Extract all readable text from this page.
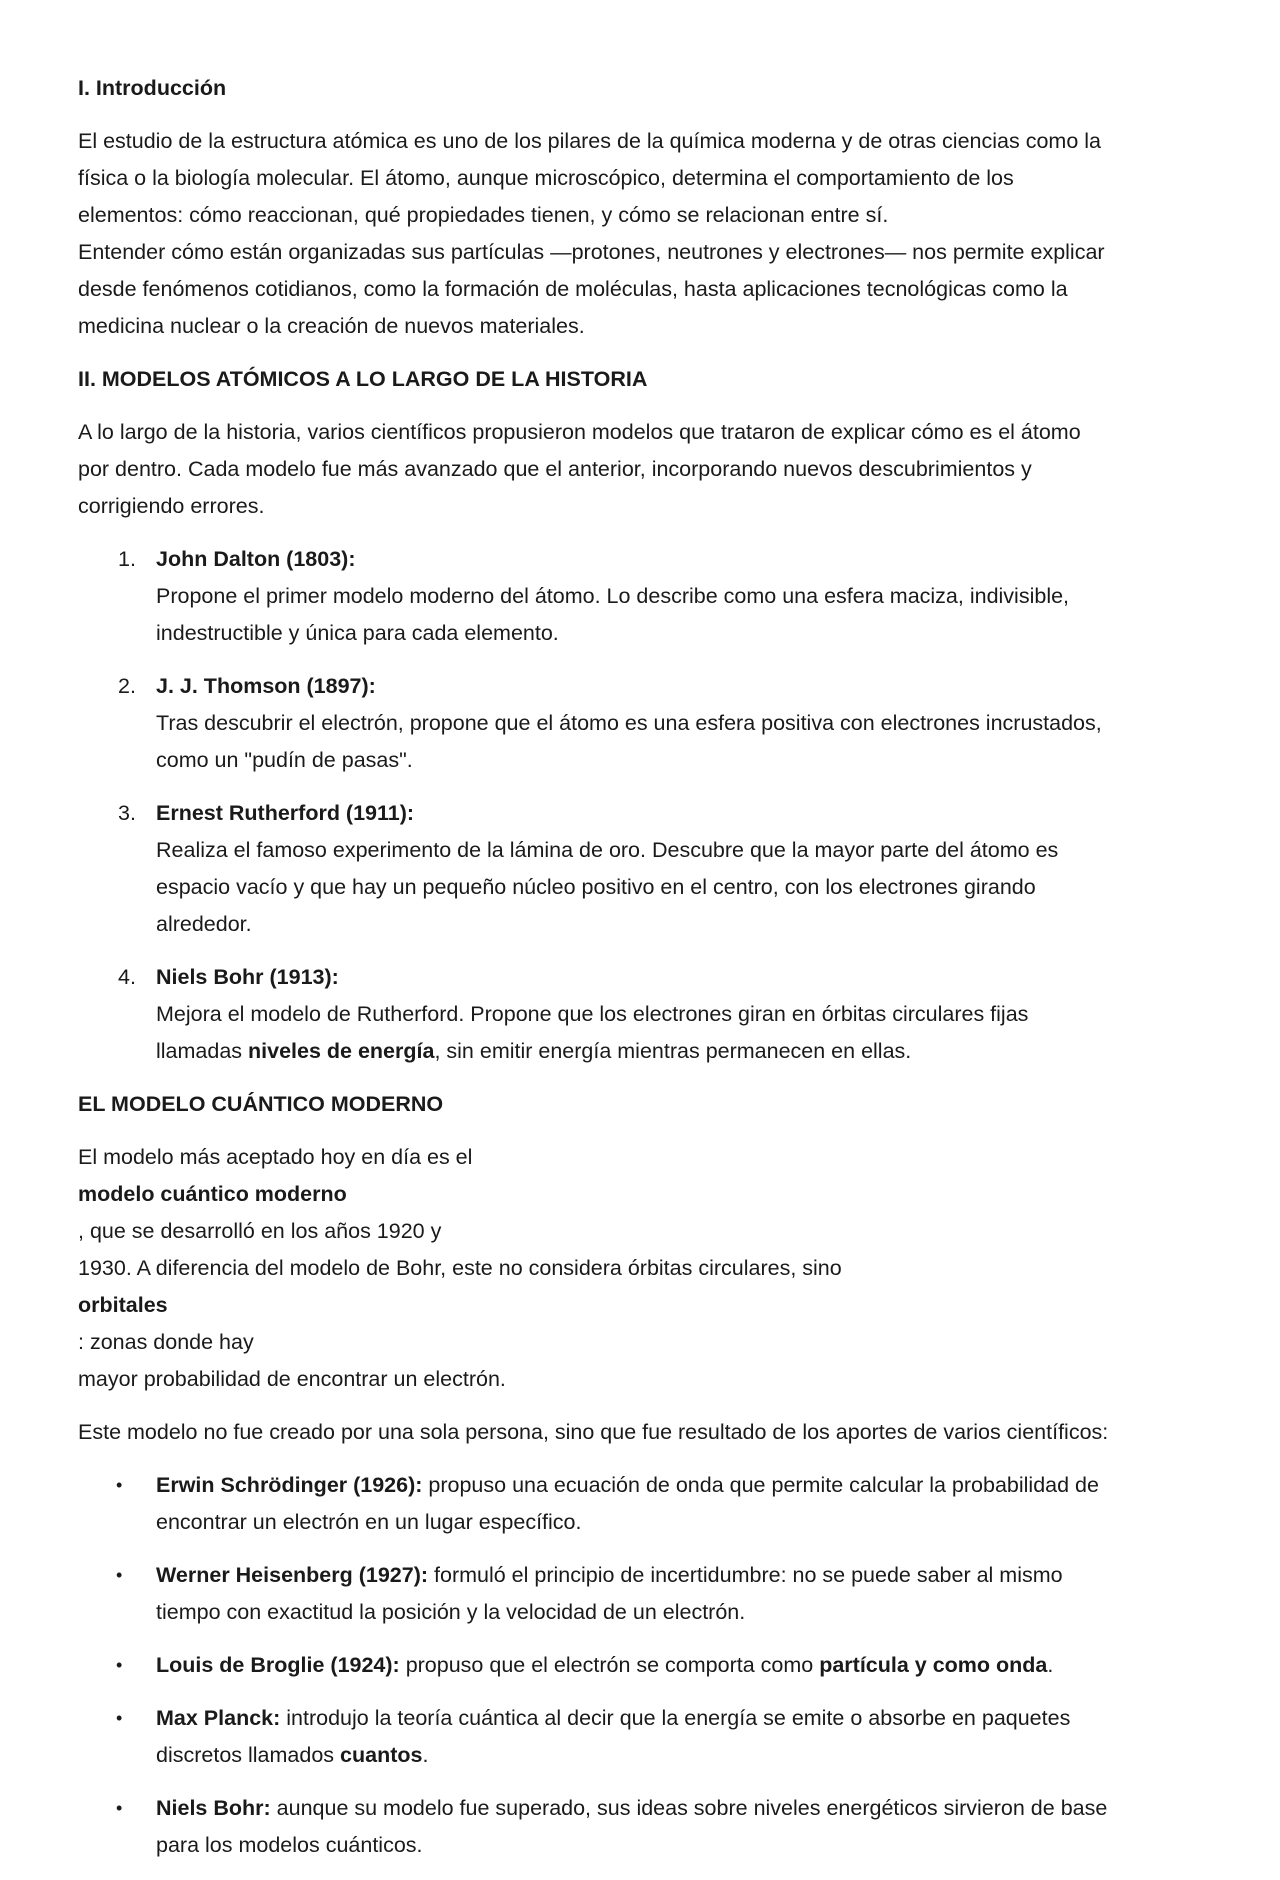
I. Introducción

El estudio de la estructura atómica es uno de los pilares de la química moderna y de otras ciencias como la
física o la biología molecular. El átomo, aunque microscópico, determina el comportamiento de los
elementos: cómo reaccionan, qué propiedades tienen, y cómo se relacionan entre sí.
Entender cómo están organizadas sus partículas —protones, neutrones y electrones— nos permite explicar
desde fenómenos cotidianos, como la formación de moléculas, hasta aplicaciones tecnológicas como la
medicina nuclear o la creación de nuevos materiales.

II. MODELOS ATÓMICOS A LO LARGO DE LA HISTORIA

A lo largo de la historia, varios científicos propusieron modelos que trataron de explicar cómo es el átomo
por dentro. Cada modelo fue más avanzado que el anterior, incorporando nuevos descubrimientos y
corrigiendo errores.

1. John Dalton (1803):
Propone el primer modelo moderno del átomo. Lo describe como una esfera maciza, indivisible,
indestructible y única para cada elemento.
2. J. J. Thomson (1897):
Tras descubrir el electrón, propone que el átomo es una esfera positiva con electrones incrustados,
como un "pudín de pasas".
3. Ernest Rutherford (1911):
Realiza el famoso experimento de la lámina de oro. Descubre que la mayor parte del átomo es
espacio vacío y que hay un pequeño núcleo positivo en el centro, con los electrones girando
alrededor.
4. Niels Bohr (1913):
Mejora el modelo de Rutherford. Propone que los electrones giran en órbitas circulares fijas
llamadas niveles de energía, sin emitir energía mientras permanecen en ellas.
EL MODELO CUÁNTICO MODERNO

El modelo más aceptado hoy en día es el
modelo cuántico moderno
, que se desarrolló en los años 1920 y
1930. A diferencia del modelo de Bohr, este no considera órbitas circulares, sino
orbitales
: zonas donde hay
mayor probabilidad de encontrar un electrón.

Este modelo no fue creado por una sola persona, sino que fue resultado de los aportes de varios científicos:

• Erwin Schrödinger (1926): propuso una ecuación de onda que permite calcular la probabilidad de
encontrar un electrón en un lugar específico.
• Werner Heisenberg (1927): formuló el principio de incertidumbre: no se puede saber al mismo
tiempo con exactitud la posición y la velocidad de un electrón.
• Louis de Broglie (1924): propuso que el electrón se comporta como partícula y como onda.
• Max Planck: introdujo la teoría cuántica al decir que la energía se emite o absorbe en paquetes
discretos llamados cuantos.
• Niels Bohr: aunque su modelo fue superado, sus ideas sobre niveles energéticos sirvieron de base
para los modelos cuánticos.
